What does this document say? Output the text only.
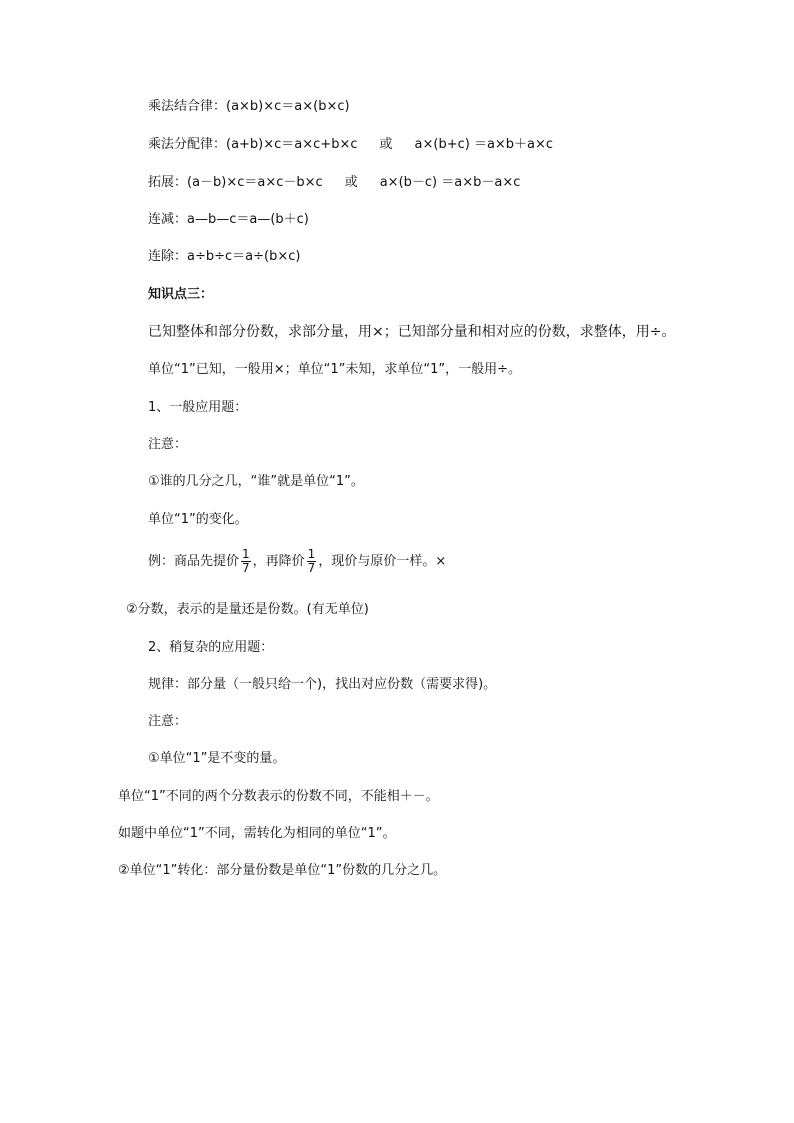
乘法结合律：(a×b)×c＝a×(b×c)
乘法分配律：(a+b)×c＝a×c+b×c 或 a×(b+c) ＝a×b＋a×c
拓展：(a－b)×c＝a×c－b×c 或 a×(b－c) ＝a×b－a×c
连减：a—b—c＝a—(b＋c)
连除：a÷b÷c＝a÷(b×c)
知识点三：
已知整体和部分份数，求部分量，用×；已知部分量和相对应的份数，求整体，用÷。
单位“1”已知，一般用×；单位“1”未知，求单位“1”，一般用÷。
1、一般应用题：
注意：
①谁的几分之几，“谁”就是单位“1”。
单位“1”的变化。
例：商品先提价 $\frac{1}{7}$ ，再降价 $\frac{1}{7}$ ，现价与原价一样。×
②分数，表示的是量还是份数。(有无单位)
2、稍复杂的应用题：
规律：部分量（一般只给一个)，找出对应份数（需要求得)。
注意：
①单位“1”是不变的量。
单位“1”不同的两个分数表示的份数不同，不能相＋－。
如题中单位“1”不同，需转化为相同的单位“1”。
②单位“1”转化：部分量份数是单位“1”份数的几分之几。
